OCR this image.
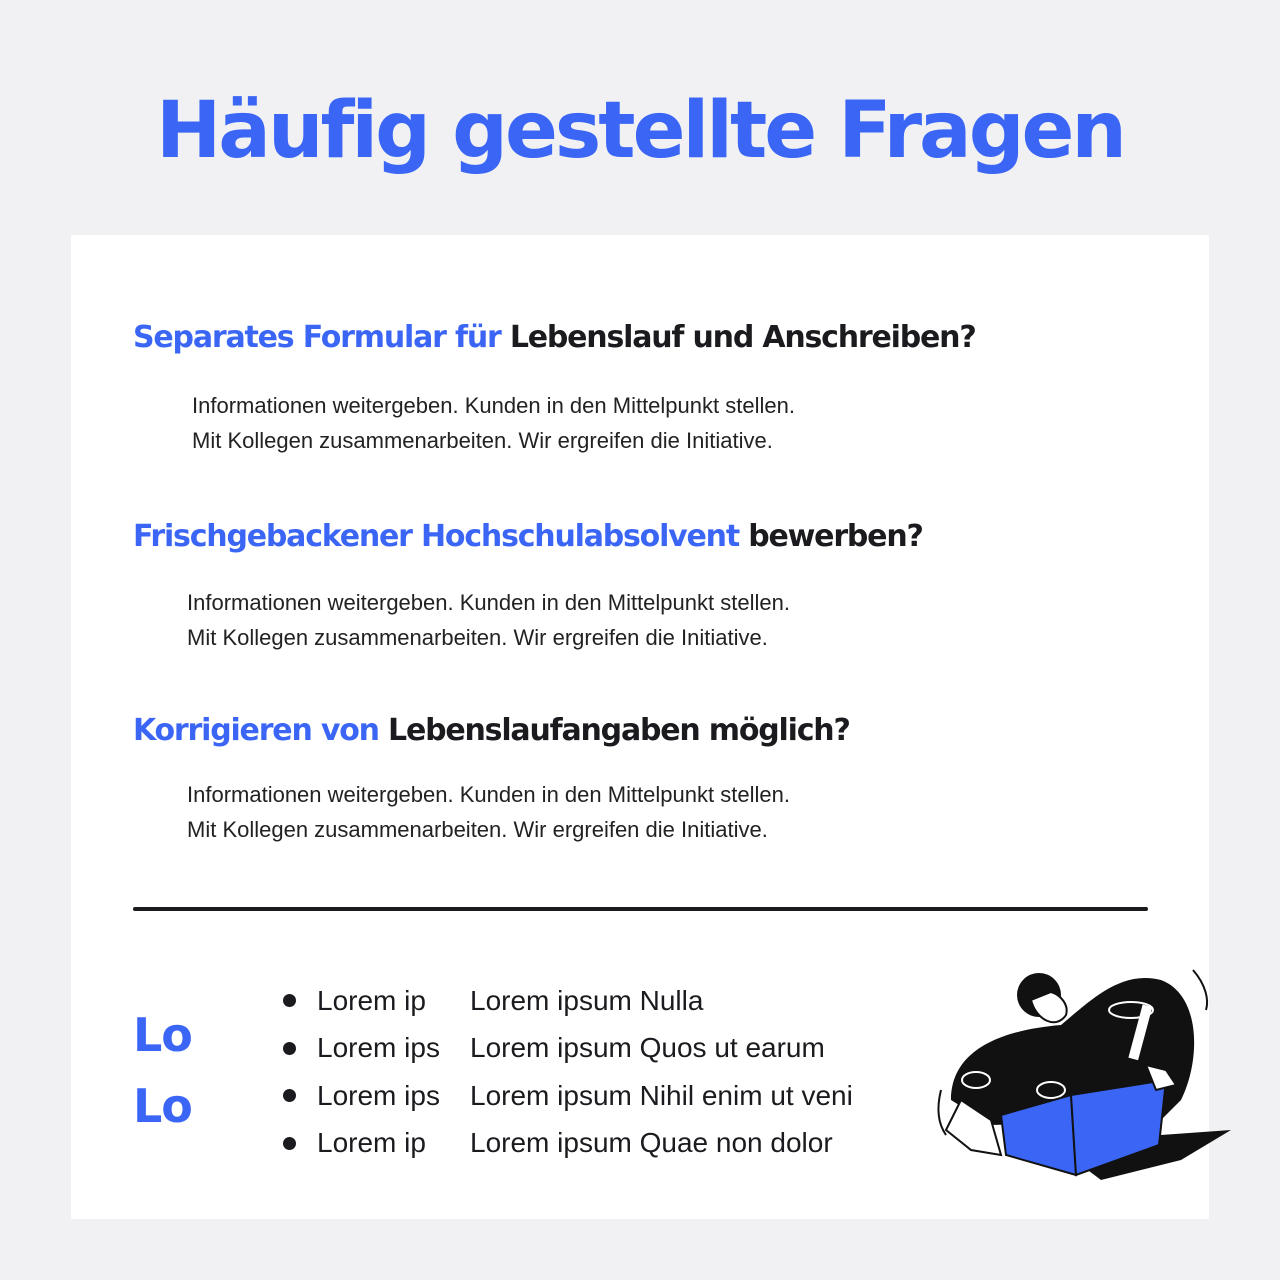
Häufig gestellte Fragen
Separates Formular für Lebenslauf und Anschreiben?
Informationen weitergeben. Kunden in den Mittelpunkt stellen.
Mit Kollegen zusammenarbeiten. Wir ergreifen die Initiative.
Frischgebackener Hochschulabsolvent bewerben?
Informationen weitergeben. Kunden in den Mittelpunkt stellen.
Mit Kollegen zusammenarbeiten. Wir ergreifen die Initiative.
Korrigieren von Lebenslaufangaben möglich?
Informationen weitergeben. Kunden in den Mittelpunkt stellen.
Mit Kollegen zusammenarbeiten. Wir ergreifen die Initiative.
Lo
Lo
Lorem ip	Lorem ipsum Nulla
Lorem ips	Lorem ipsum Quos ut earum
Lorem ips	Lorem ipsum Nihil enim ut veni
Lorem ip	Lorem ipsum Quae non dolor
